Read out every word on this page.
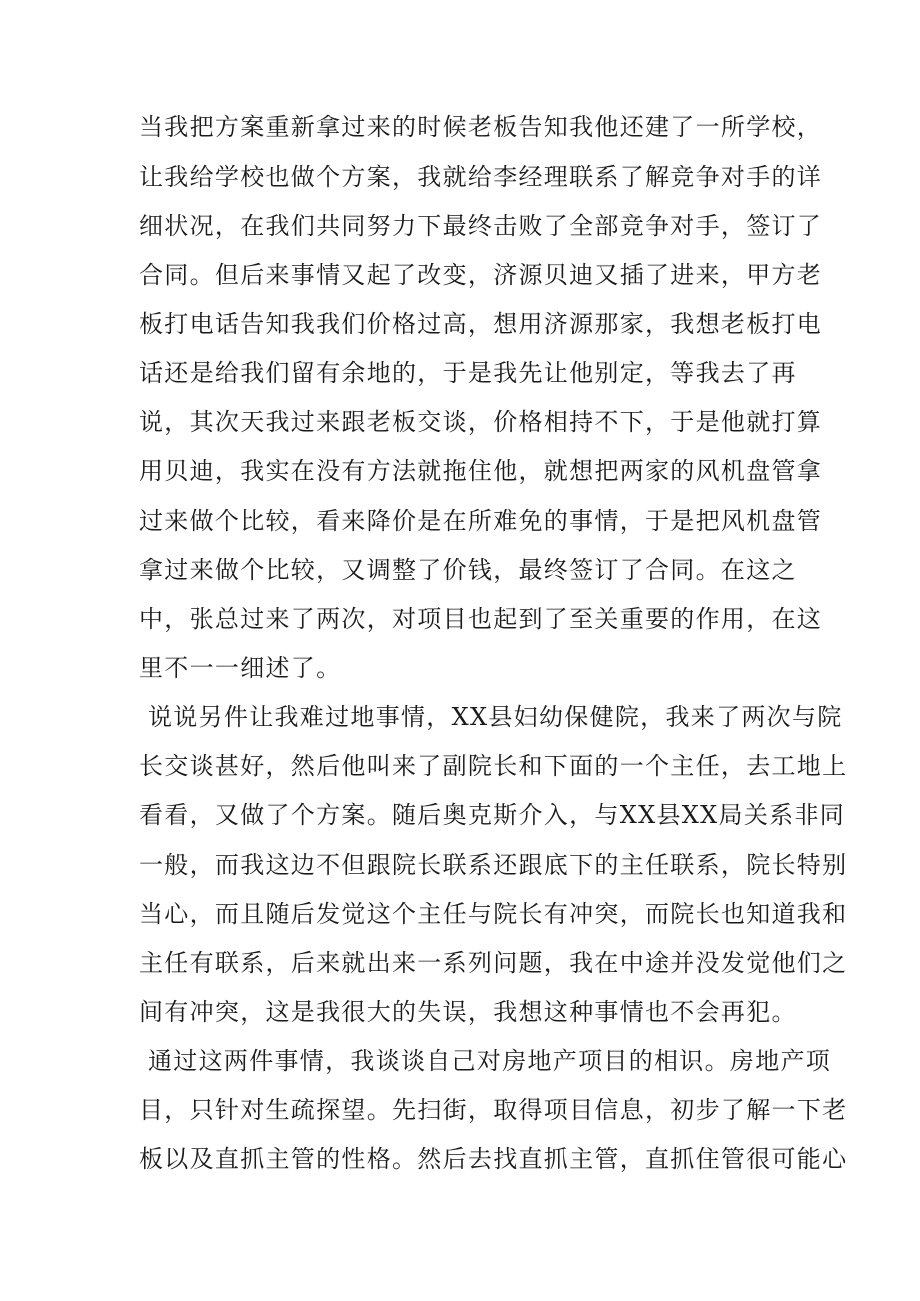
当我把方案重新拿过来的时候老板告知我他还建了一所学校，
让我给学校也做个方案，我就给李经理联系了解竞争对手的详
细状况，在我们共同努力下最终击败了全部竞争对手，签订了
合同。但后来事情又起了改变，济源贝迪又插了进来，甲方老
板打电话告知我我们价格过高，想用济源那家，我想老板打电
话还是给我们留有余地的，于是我先让他别定，等我去了再
说，其次天我过来跟老板交谈，价格相持不下，于是他就打算
用贝迪，我实在没有方法就拖住他，就想把两家的风机盘管拿
过来做个比较，看来降价是在所难免的事情，于是把风机盘管
拿过来做个比较，又调整了价钱，最终签订了合同。在这之
中，张总过来了两次，对项目也起到了至关重要的作用，在这
里不一一细述了。
说说另件让我难过地事情，XX县妇幼保健院，我来了两次与院
长交谈甚好，然后他叫来了副院长和下面的一个主任，去工地上
看看，又做了个方案。随后奥克斯介入，与XX县XX局关系非同
一般，而我这边不但跟院长联系还跟底下的主任联系，院长特别
当心，而且随后发觉这个主任与院长有冲突，而院长也知道我和
主任有联系，后来就出来一系列问题，我在中途并没发觉他们之
间有冲突，这是我很大的失误，我想这种事情也不会再犯。
通过这两件事情，我谈谈自己对房地产项目的相识。房地产项
目，只针对生疏探望。先扫街，取得项目信息，初步了解一下老
板以及直抓主管的性格。然后去找直抓主管，直抓住管很可能心
